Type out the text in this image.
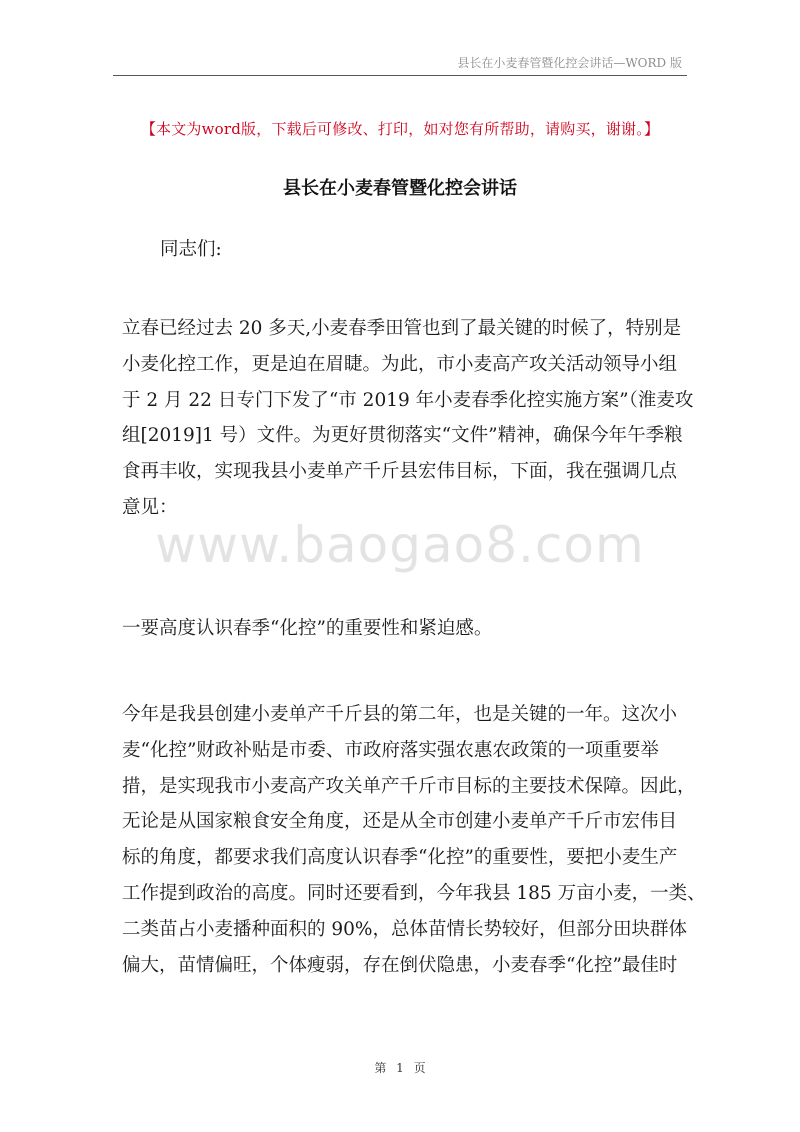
县长在小麦春管暨化控会讲话—WORD 版
【本文为word版，下载后可修改、打印，如对您有所帮助，请购买，谢谢。】
县长在小麦春管暨化控会讲话
同志们:
立春已经过去 20 多天,小麦春季田管也到了最关键的时候了，特别是
小麦化控工作，更是迫在眉睫。为此，市小麦高产攻关活动领导小组
于 2 月 22 日专门下发了“市 2019 年小麦春季化控实施方案”（淮麦攻
组[2019]1 号）文件。为更好贯彻落实“文件”精神，确保今年午季粮
食再丰收，实现我县小麦单产千斤县宏伟目标，下面，我在强调几点
意见：
www.baogao8.com
一要高度认识春季“化控”的重要性和紧迫感。
今年是我县创建小麦单产千斤县的第二年，也是关键的一年。这次小
麦“化控”财政补贴是市委、市政府落实强农惠农政策的一项重要举
措，是实现我市小麦高产攻关单产千斤市目标的主要技术保障。因此，
无论是从国家粮食安全角度，还是从全市创建小麦单产千斤市宏伟目
标的角度，都要求我们高度认识春季“化控”的重要性，要把小麦生产
工作提到政治的高度。同时还要看到，今年我县 185 万亩小麦，一类、
二类苗占小麦播种面积的 90%，总体苗情长势较好，但部分田块群体
偏大，苗情偏旺，个体瘦弱，存在倒伏隐患，小麦春季“化控”最佳时
第 1 页
